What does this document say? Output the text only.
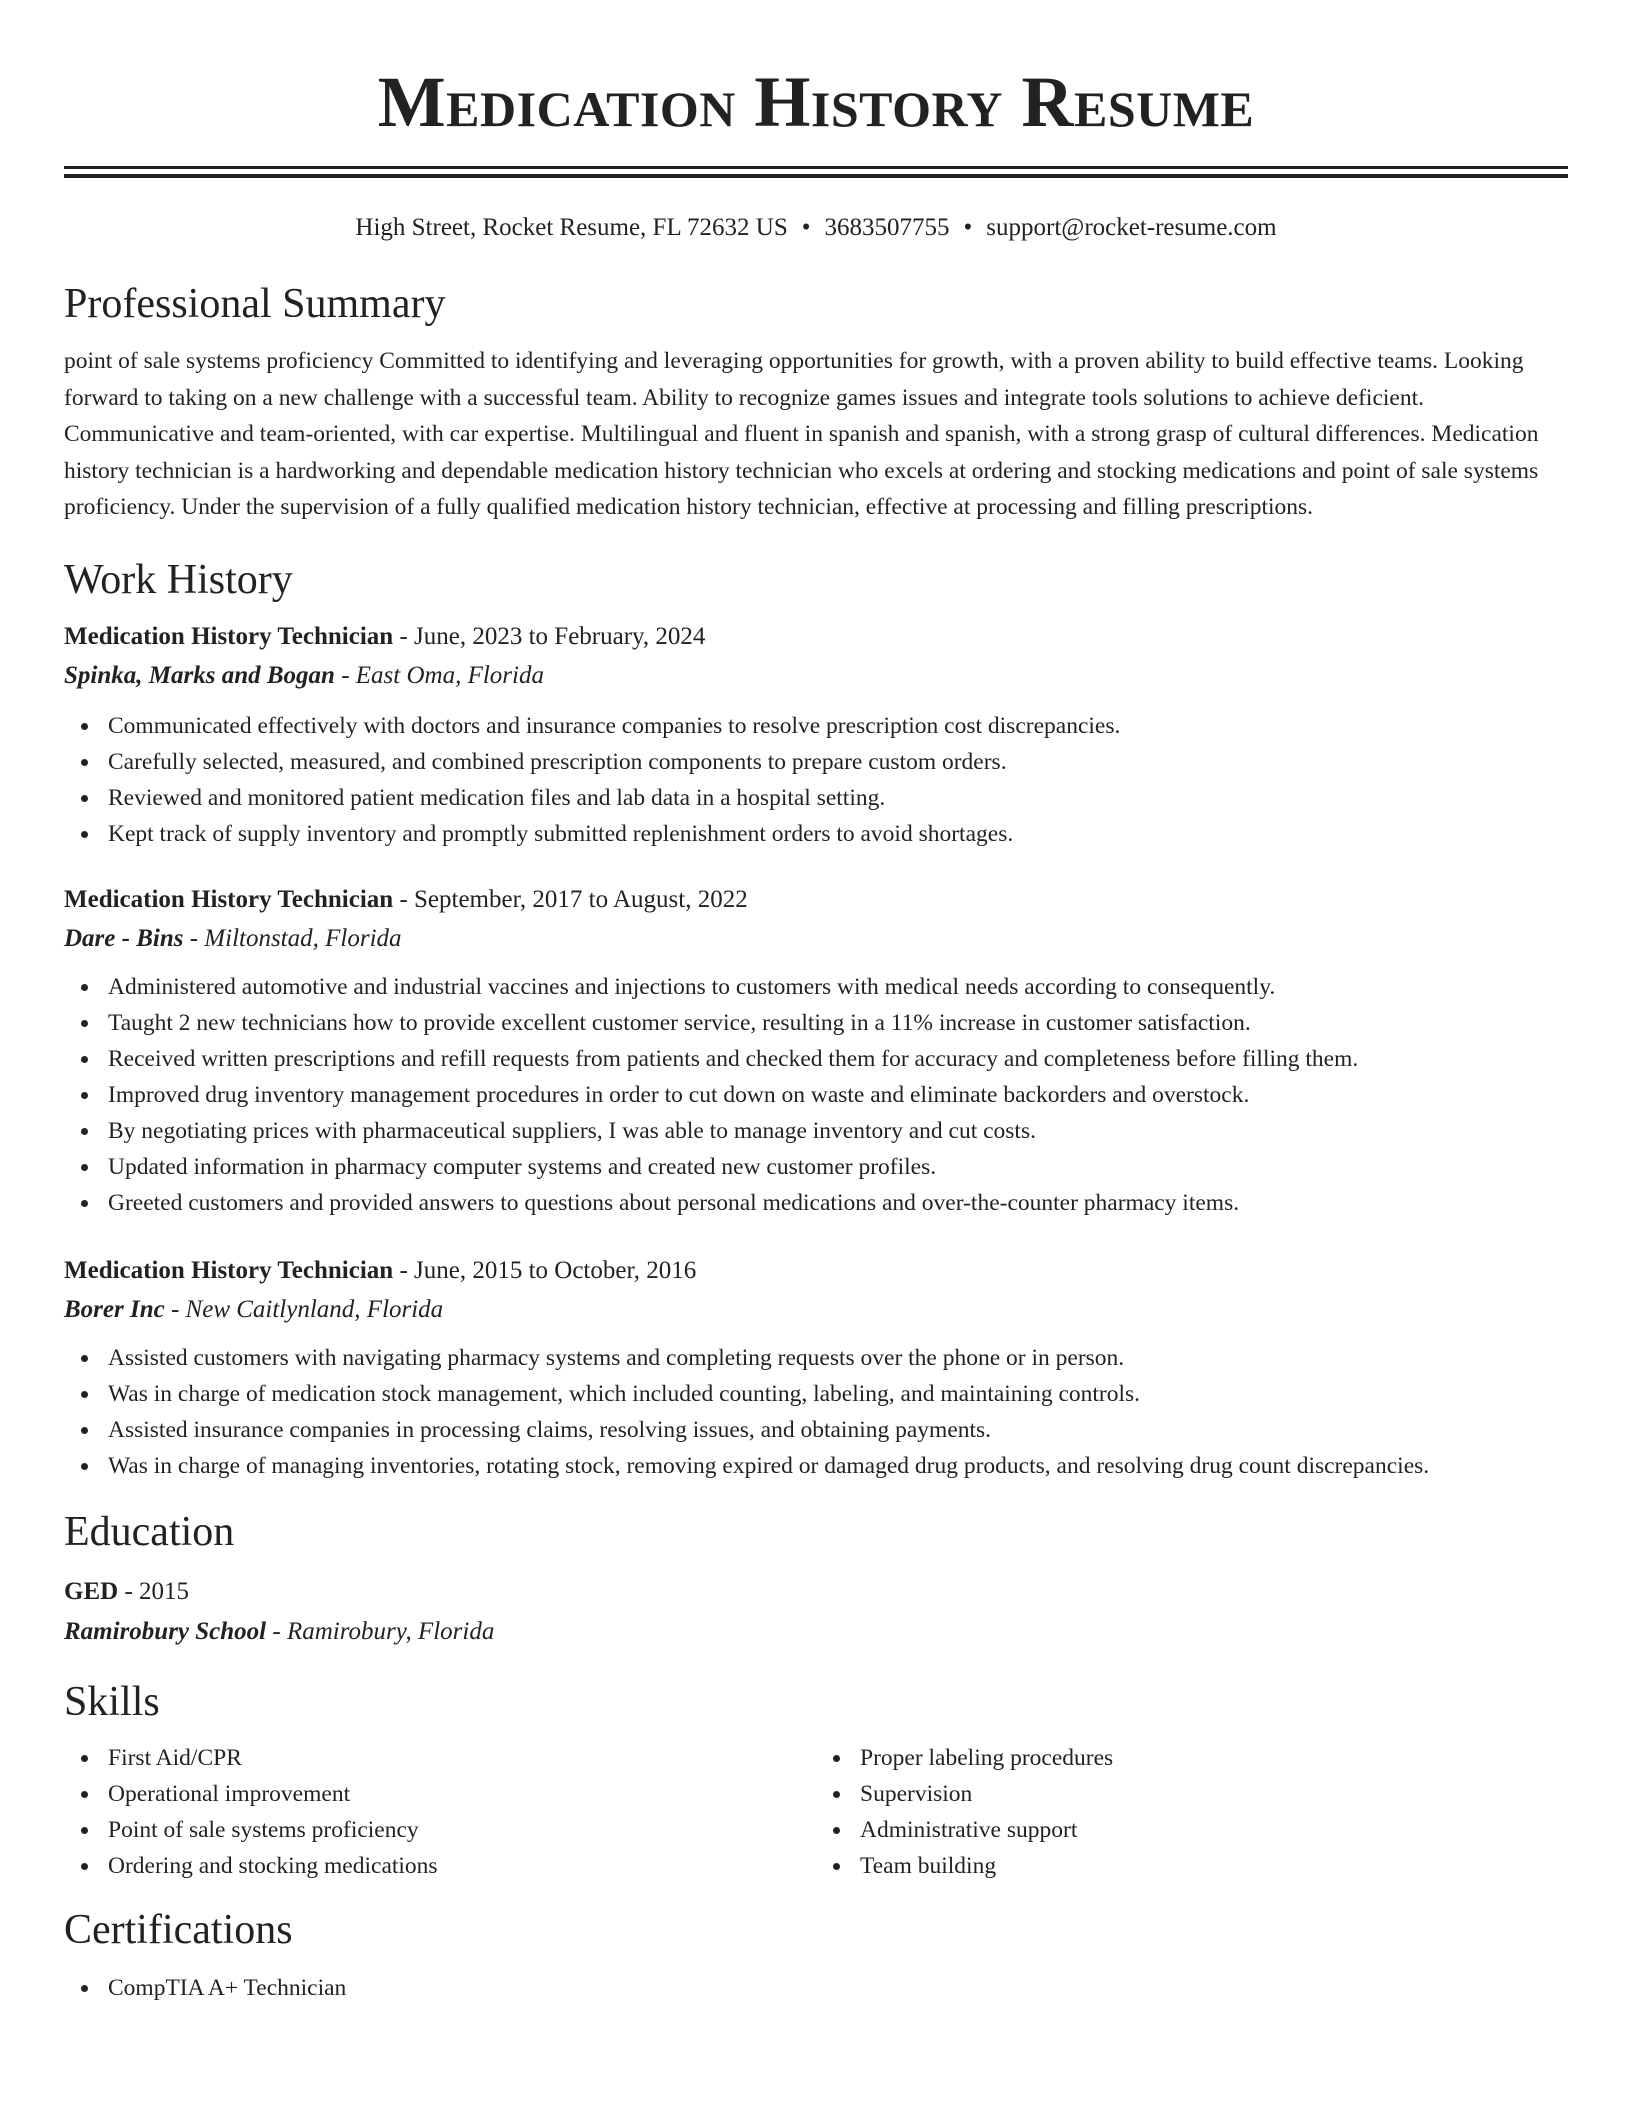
Medication History Resume
High Street, Rocket Resume, FL 72632 US • 3683507755 • support@rocket-resume.com
Professional Summary

point of sale systems proficiency Committed to identifying and leveraging opportunities for growth, with a proven ability to build effective teams. Looking forward to taking on a new challenge with a successful team. Ability to recognize games issues and integrate tools solutions to achieve deficient. Communicative and team-oriented, with car expertise. Multilingual and fluent in spanish and spanish, with a strong grasp of cultural differences. Medication history technician is a hardworking and dependable medication history technician who excels at ordering and stocking medications and point of sale systems proficiency. Under the supervision of a fully qualified medication history technician, effective at processing and filling prescriptions.

Work History
Medication History Technician - June, 2023 to February, 2024
Spinka, Marks and Bogan - East Oma, Florida
Communicated effectively with doctors and insurance companies to resolve prescription cost discrepancies.
Carefully selected, measured, and combined prescription components to prepare custom orders.
Reviewed and monitored patient medication files and lab data in a hospital setting.
Kept track of supply inventory and promptly submitted replenishment orders to avoid shortages.
Medication History Technician - September, 2017 to August, 2022
Dare - Bins - Miltonstad, Florida
Administered automotive and industrial vaccines and injections to customers with medical needs according to consequently.
Taught 2 new technicians how to provide excellent customer service, resulting in a 11% increase in customer satisfaction.
Received written prescriptions and refill requests from patients and checked them for accuracy and completeness before filling them.
Improved drug inventory management procedures in order to cut down on waste and eliminate backorders and overstock.
By negotiating prices with pharmaceutical suppliers, I was able to manage inventory and cut costs.
Updated information in pharmacy computer systems and created new customer profiles.
Greeted customers and provided answers to questions about personal medications and over-the-counter pharmacy items.
Medication History Technician - June, 2015 to October, 2016
Borer Inc - New Caitlynland, Florida
Assisted customers with navigating pharmacy systems and completing requests over the phone or in person.
Was in charge of medication stock management, which included counting, labeling, and maintaining controls.
Assisted insurance companies in processing claims, resolving issues, and obtaining payments.
Was in charge of managing inventories, rotating stock, removing expired or damaged drug products, and resolving drug count discrepancies.
Education
GED - 2015
Ramirobury School - Ramirobury, Florida
Skills
First Aid/CPR
Operational improvement
Point of sale systems proficiency
Ordering and stocking medications
Proper labeling procedures
Supervision
Administrative support
Team building
Certifications
CompTIA A+ Technician
